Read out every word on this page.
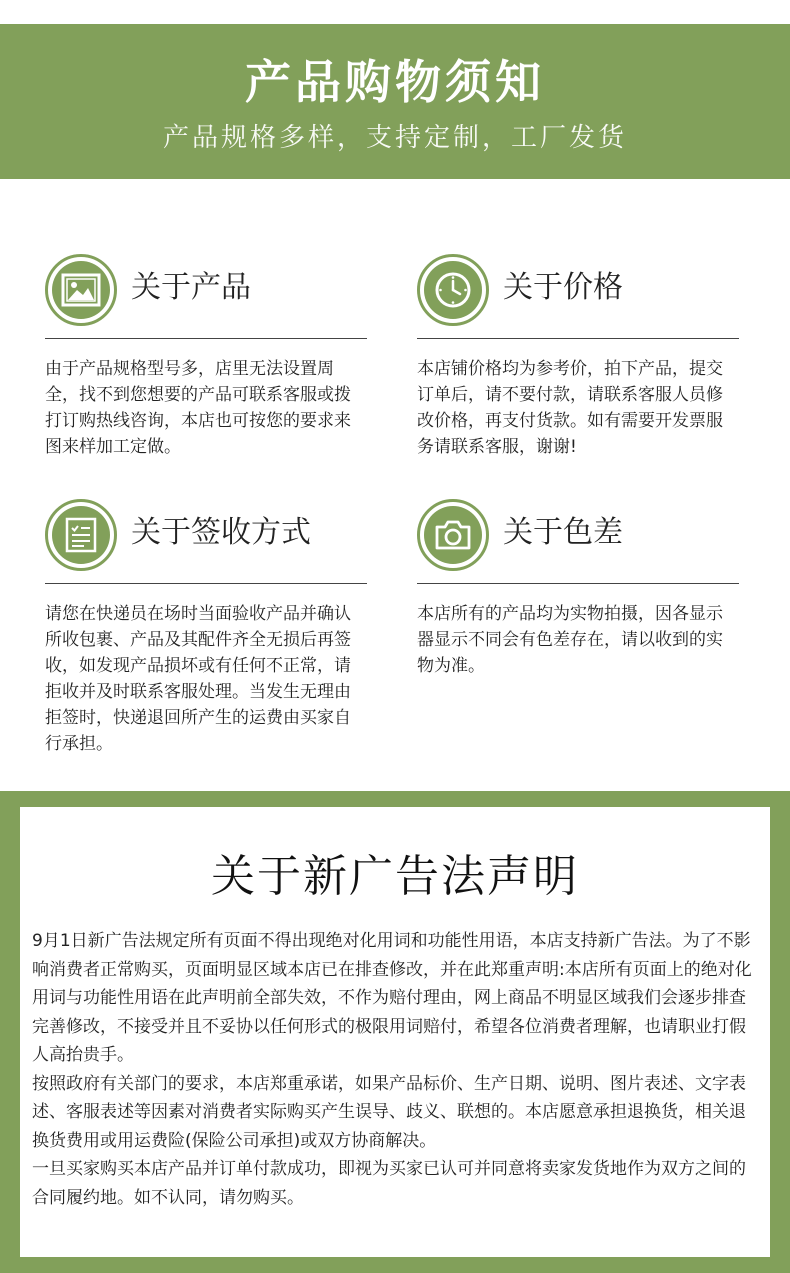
产品购物须知
产品规格多样，支持定制，工厂发货
关于产品
由于产品规格型号多，店里无法设置周全，找不到您想要的产品可联系客服或拨打订购热线咨询，本店也可按您的要求来图来样加工定做。
关于价格
本店铺价格均为参考价，拍下产品，提交订单后，请不要付款，请联系客服人员修改价格，再支付货款。如有需要开发票服务请联系客服，谢谢!
关于签收方式
请您在快递员在场时当面验收产品并确认所收包裹、产品及其配件齐全无损后再签收，如发现产品损坏或有任何不正常，请拒收并及时联系客服处理。当发生无理由拒签时，快递退回所产生的运费由买家自行承担。
关于色差
本店所有的产品均为实物拍摄，因各显示器显示不同会有色差存在，请以收到的实物为准。
关于新广告法声明

9月1日新广告法规定所有页面不得出现绝对化用词和功能性用语，本店支持新广告法。为了不影响消费者正常购买，页面明显区域本店已在排查修改，并在此郑重声明:本店所有页面上的绝对化用词与功能性用语在此声明前全部失效，不作为赔付理由，网上商品不明显区域我们会逐步排查完善修改，不接受并且不妥协以任何形式的极限用词赔付，希望各位消费者理解，也请职业打假人高抬贵手。

按照政府有关部门的要求，本店郑重承诺，如果产品标价、生产日期、说明、图片表述、文字表述、客服表述等因素对消费者实际购买产生误导、歧义、联想的。本店愿意承担退换货，相关退换货费用或用运费险(保险公司承担)或双方协商解决。

一旦买家购买本店产品并订单付款成功，即视为买家已认可并同意将卖家发货地作为双方之间的合同履约地。如不认同，请勿购买。
